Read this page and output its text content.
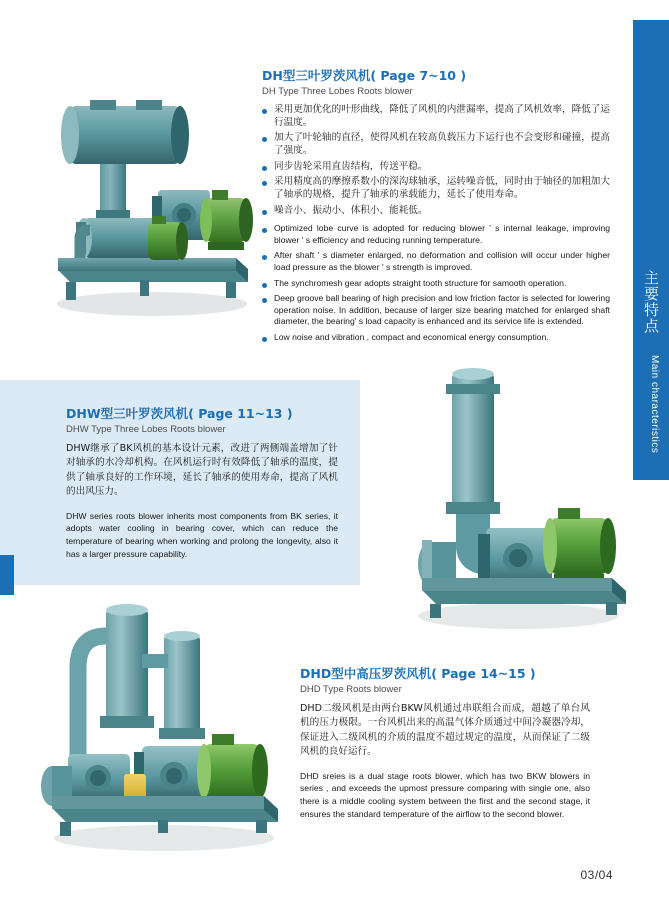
DH型三叶罗茨风机( Page 7~10 )
DH Type Three Lobes Roots blower
采用更加优化的叶形曲线，降低了风机的内泄漏率，提高了风机效率，降低了运行温度。
加大了叶轮轴的直径，使得风机在较高负载压力下运行也不会变形和碰撞，提高了强度。
同步齿轮采用直齿结构，传送平稳。
采用精度高的摩擦系数小的深沟球轴承，运转噪音低，同时由于轴径的加粗加大了轴承的规格，提升了轴承的承载能力，延长了使用寿命。
噪音小、振动小、体积小、能耗低。
Optimized lobe curve is adopted for reducing blower ' s internal leakage, improving blower ' s efficiency and reducing running temperature.
After shaft ' s diameter enlarged, no deformation and collision will occur under higher load pressure as the blower ' s strength is improved.
The synchromesh gear adopts straight tooth structure for samooth operation.
Deep groove ball bearing of high precision and low friction factor is selected for lowering operation noise. In addition, because of larger size bearing matched for enlarged shaft diameter, the bearing' s load capacity is enhanced and its service life is extended.
Low noise and vibration , compact and economical energy consumption.
DHW型三叶罗茨风机( Page 11~13 )
DHW Type Three Lobes Roots blower

DHW继承了BK风机的基本设计元素，改进了两侧端盖增加了针对轴承的水冷却机构。在风机运行时有效降低了轴承的温度，提供了轴承良好的工作环境，延长了轴承的使用寿命，提高了风机的出风压力。

DHW series roots blower inherits most components from BK series, it adopts water cooling in bearing cover, which can reduce the temperature of bearing when working and prolong the longevity, also it has a larger pressure capability.

DHD型中高压罗茨风机( Page 14~15 )
DHD Type Roots blower

DHD二级风机是由两台BKW风机通过串联组合而成，超越了单台风机的压力极限。一台风机出来的高温气体介质通过中间冷凝器冷却，保证进入二级风机的介质的温度不超过规定的温度，从而保证了二级风机的良好运行。

DHD sreies is a dual stage roots blower, which has two BKW blowers in series , and exceeds the upmost pressure comparing with single one, also there is a middle cooling system between the first and the second stage, it ensures the standard temperature of the airflow to the second blower.

主要特点
Main characteristics
03/04
